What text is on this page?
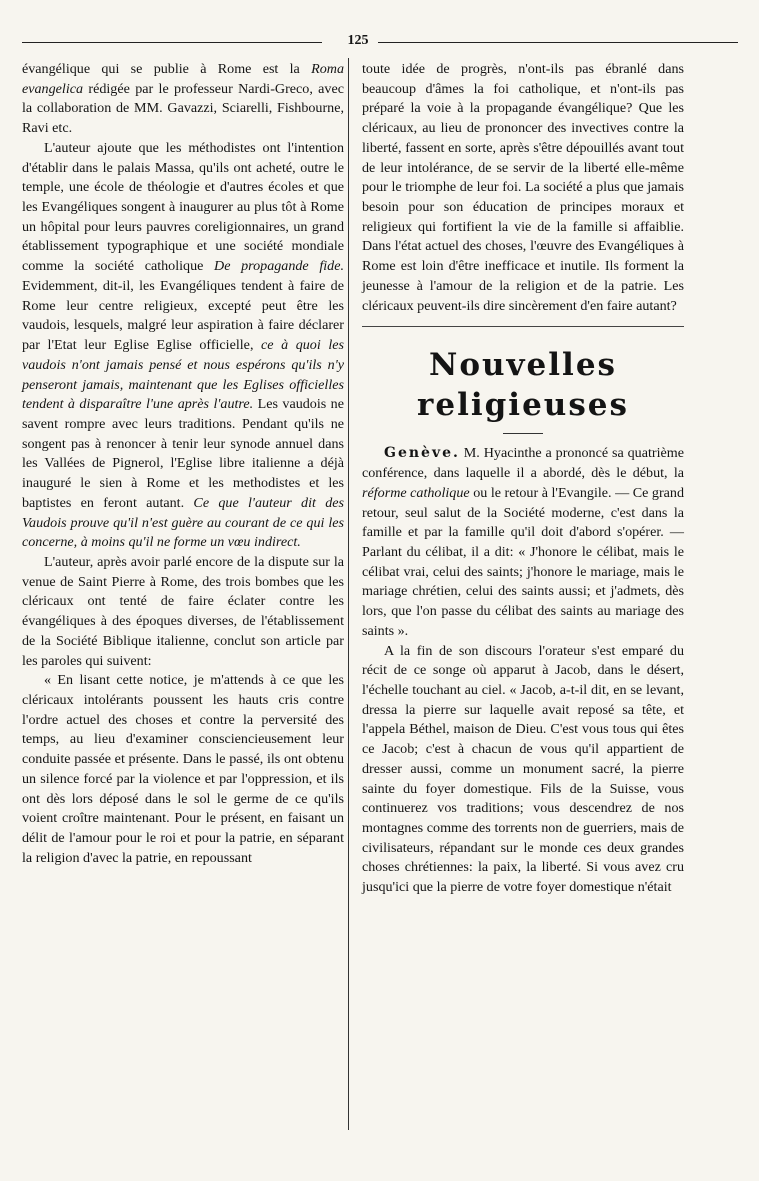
125

évangélique qui se publie à Rome est la Roma evangelica rédigée par le professeur Nardi-Greco, avec la collaboration de MM. Gavazzi, Sciarelli, Fishbourne, Ravi etc.

L'auteur ajoute que les méthodistes ont l'intention d'établir dans le palais Massa, qu'ils ont acheté, outre le temple, une école de théologie et d'autres écoles et que les Evangéliques songent à inaugurer au plus tôt à Rome un hôpital pour leurs pauvres coreligionnaires, un grand établissement typographique et une société mondiale comme la société catholique De propagande fide. Evidemment, dit-il, les Evangéliques tendent à faire de Rome leur centre religieux, excepté peut être les vaudois, lesquels, malgré leur aspiration à faire déclarer par l'Etat leur Eglise Eglise officielle, ce à quoi les vaudois n'ont jamais pensé et nous espérons qu'ils n'y penseront jamais, maintenant que les Eglises officielles tendent à disparaître l'une après l'autre. Les vaudois ne savent rompre avec leurs traditions. Pendant qu'ils ne songent pas à renoncer à tenir leur synode annuel dans les Vallées de Pignerol, l'Eglise libre italienne a déjà inauguré le sien à Rome et les methodistes et les baptistes en feront autant. Ce que l'auteur dit des Vaudois prouve qu'il n'est guère au courant de ce qui les concerne, à moins qu'il ne forme un vœu indirect.

L'auteur, après avoir parlé encore de la dispute sur la venue de Saint Pierre à Rome, des trois bombes que les cléricaux ont tenté de faire éclater contre les évangéliques à des époques diverses, de l'établissement de la Société Biblique italienne, conclut son article par les paroles qui suivent:

« En lisant cette notice, je m'attends à ce que les cléricaux intolérants poussent les hauts cris contre l'ordre actuel des choses et contre la perversité des temps, au lieu d'examiner consciencieusement leur conduite passée et présente. Dans le passé, ils ont obtenu un silence forcé par la violence et par l'oppression, et ils ont dès lors déposé dans le sol le germe de ce qu'ils voient croître maintenant. Pour le présent, en faisant un délit de l'amour pour le roi et pour la patrie, en séparant la religion d'avec la patrie, en repoussant

toute idée de progrès, n'ont-ils pas ébranlé dans beaucoup d'âmes la foi catholique, et n'ont-ils pas préparé la voie à la propagande évangélique? Que les cléricaux, au lieu de prononcer des invectives contre la liberté, fassent en sorte, après s'être dépouillés avant tout de leur intolérance, de se servir de la liberté elle-même pour le triomphe de leur foi. La société a plus que jamais besoin pour son éducation de principes moraux et religieux qui fortifient la vie de la famille si affaiblie. Dans l'état actuel des choses, l'œuvre des Evangéliques à Rome est loin d'être inefficace et inutile. Ils forment la jeunesse à l'amour de la religion et de la patrie. Les cléricaux peuvent-ils dire sincèrement d'en faire autant?

Nouvelles religieuses

Genève. M. Hyacinthe a prononcé sa quatrième conférence, dans laquelle il a abordé, dès le début, la réforme catholique ou le retour à l'Evangile. — Ce grand retour, seul salut de la Société moderne, c'est dans la famille et par la famille qu'il doit d'abord s'opérer. — Parlant du célibat, il a dit: « J'honore le célibat, mais le célibat vrai, celui des saints; j'honore le mariage, mais le mariage chrétien, celui des saints aussi; et j'admets, dès lors, que l'on passe du célibat des saints au mariage des saints ».

A la fin de son discours l'orateur s'est emparé du récit de ce songe où apparut à Jacob, dans le désert, l'échelle touchant au ciel. « Jacob, a-t-il dit, en se levant, dressa la pierre sur laquelle avait reposé sa tête, et l'appela Béthel, maison de Dieu. C'est vous tous qui êtes ce Jacob; c'est à chacun de vous qu'il appartient de dresser aussi, comme un monument sacré, la pierre sainte du foyer domestique. Fils de la Suisse, vous continuerez vos traditions; vous descendrez de nos montagnes comme des torrents non de guerriers, mais de civilisateurs, répandant sur le monde ces deux grandes choses chrétiennes: la paix, la liberté. Si vous avez cru jusqu'ici que la pierre de votre foyer domestique n'était
